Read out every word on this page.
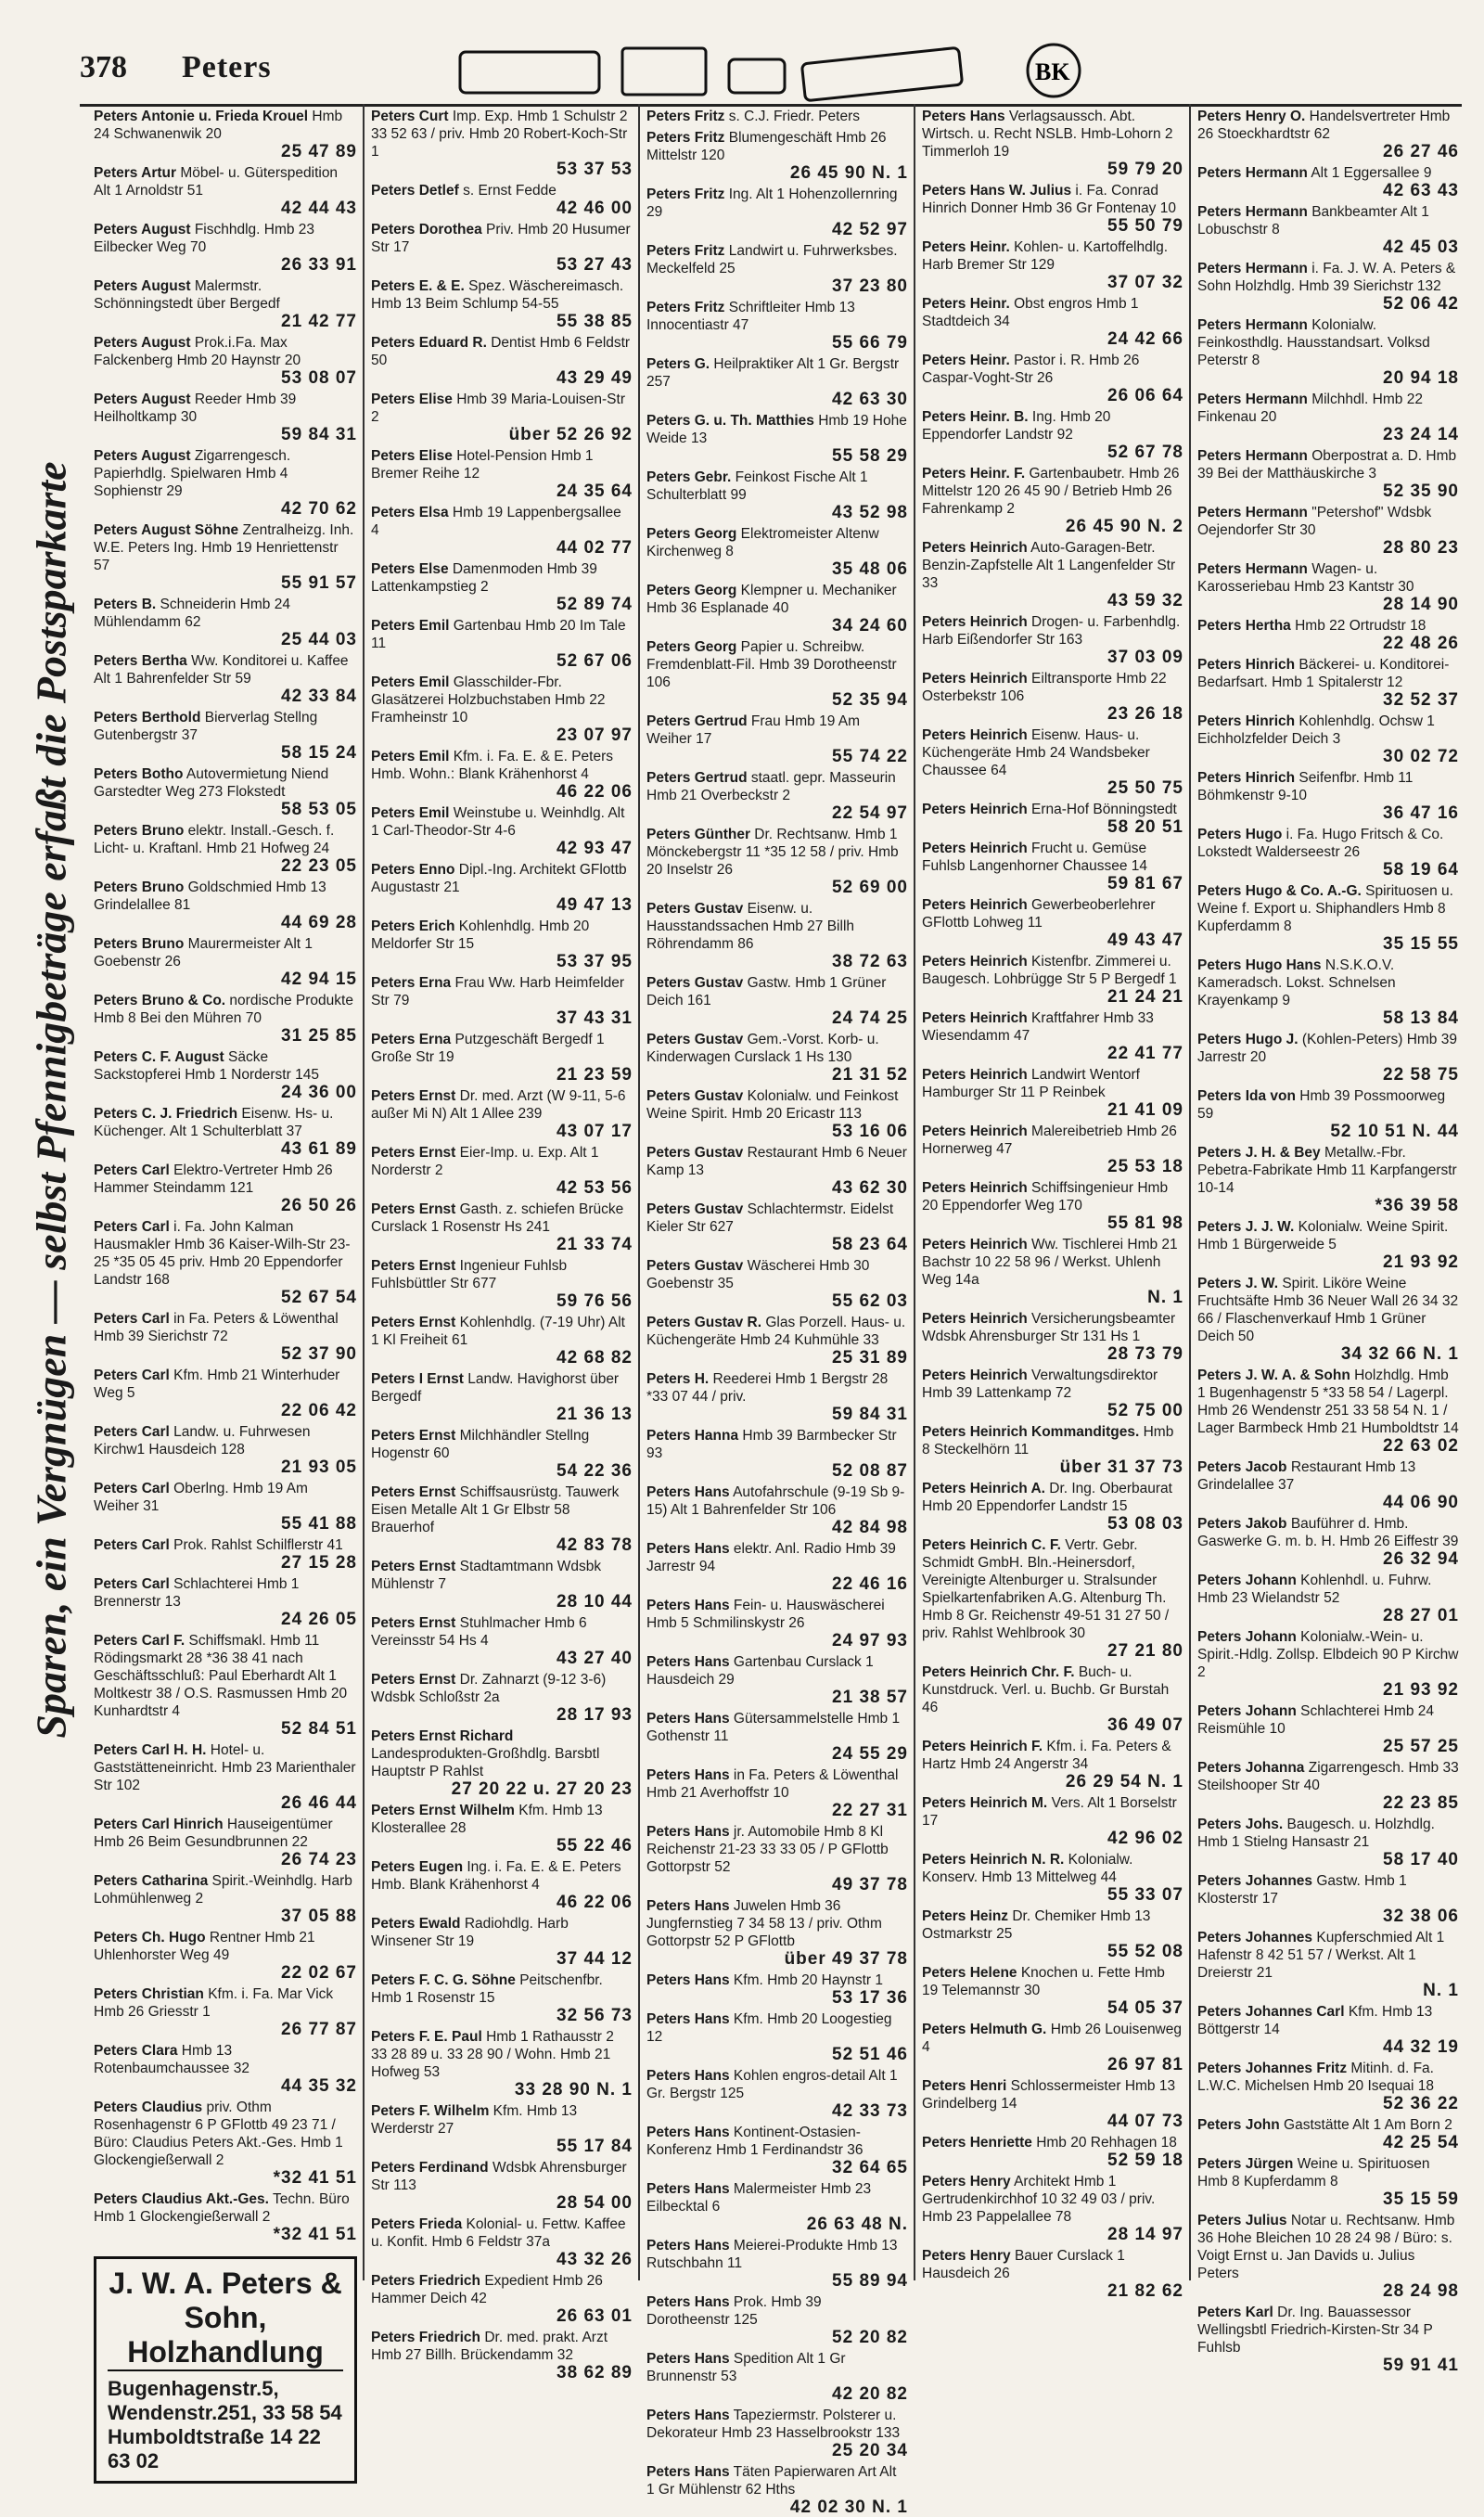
378 Peters	BK
Sparen, ein Vergnügen — selbst Pfennigbeträge erfaßt die Postsparkarte
Peters Antonie u. Frieda Krouel Hmb 24 Schwanenwik 20
25 47 89
Peters Artur Möbel- u. Güterspedition Alt 1 Arnoldstr 51
42 44 43
Peters August Fischhdlg. Hmb 23 Eilbecker Weg 70
26 33 91
Peters August Malermstr. Schönningstedt über Bergedf
21 42 77
Peters August Prok.i.Fa. Max Falckenberg Hmb 20 Haynstr 20
53 08 07
Peters August Reeder Hmb 39 Heilholtkamp 30
59 84 31
Peters August Zigarrengesch. Papierhdlg. Spielwaren Hmb 4 Sophienstr 29
42 70 62
Peters August Söhne Zentralheizg. Inh. W.E. Peters Ing. Hmb 19 Henriettenstr 57
55 91 57
Peters B. Schneiderin Hmb 24 Mühlendamm 62
25 44 03
Peters Bertha Ww. Konditorei u. Kaffee Alt 1 Bahrenfelder Str 59
42 33 84
Peters Berthold Bierverlag Stellng Gutenbergstr 37
58 15 24
Peters Botho Autovermietung Niend Garstedter Weg 273 Flokstedt
58 53 05
Peters Bruno elektr. Install.-Gesch. f. Licht- u. Kraftanl. Hmb 21 Hofweg 24
22 23 05
Peters Bruno Goldschmied Hmb 13 Grindelallee 81
44 69 28
Peters Bruno Maurermeister Alt 1 Goebenstr 26
42 94 15
Peters Bruno & Co. nordische Produkte Hmb 8 Bei den Mühren 70
31 25 85
Peters C. F. August Säcke Sackstopferei Hmb 1 Norderstr 145
24 36 00
Peters C. J. Friedrich Eisenw. Hs- u. Küchenger. Alt 1 Schulterblatt 37
43 61 89
Peters Carl Elektro-Vertreter Hmb 26 Hammer Steindamm 121
26 50 26
Peters Carl i. Fa. John Kalman Hausmakler Hmb 36 Kaiser-Wilh-Str 23-25 *35 05 45 priv. Hmb 20 Eppendorfer Landstr 168
52 67 54
Peters Carl in Fa. Peters & Löwenthal Hmb 39 Sierichstr 72
52 37 90
Peters Carl Kfm. Hmb 21 Winterhuder Weg 5
22 06 42
Peters Carl Landw. u. Fuhrwesen Kirchw1 Hausdeich 128
21 93 05
Peters Carl Oberlng. Hmb 19 Am Weiher 31
55 41 88
Peters Carl Prok. Rahlst Schilflerstr 41
27 15 28
Peters Carl Schlachterei Hmb 1 Brennerstr 13
24 26 05
Peters Carl F. Schiffsmakl. Hmb 11 Rödingsmarkt 28 *36 38 41 nach Geschäftsschluß: Paul Eberhardt Alt 1 Moltkestr 38 / O.S. Rasmussen Hmb 20 Kunhardtstr 4
52 84 51
Peters Carl H. H. Hotel- u. Gaststätteneinricht. Hmb 23 Marienthaler Str 102
26 46 44
Peters Carl Hinrich Hauseigentümer Hmb 26 Beim Gesundbrunnen 22
26 74 23
Peters Catharina Spirit.-Weinhdlg. Harb Lohmühlenweg 2
37 05 88
Peters Ch. Hugo Rentner Hmb 21 Uhlenhorster Weg 49
22 02 67
Peters Christian Kfm. i. Fa. Mar Vick Hmb 26 Griesstr 1
26 77 87
Peters Clara Hmb 13 Rotenbaumchaussee 32
44 35 32
Peters Claudius priv. Othm Rosenhagenstr 6 P GFlottb 49 23 71 / Büro: Claudius Peters Akt.-Ges. Hmb 1 Glockengießerwall 2
*32 41 51
Peters Claudius Akt.-Ges. Techn. Büro Hmb 1 Glockengießerwall 2
*32 41 51
J. W. A. Peters & Sohn, Holzhandlung
Bugenhagenstr.5, Wendenstr.251, 33 58 54
Humboldtstraße 14 22 63 02
Peters Curt Imp. Exp. Hmb 1 Schulstr 2 33 52 63 / priv. Hmb 20 Robert-Koch-Str 1
53 37 53
Peters Detlef s. Ernst Fedde
42 46 00
Peters Dorothea Priv. Hmb 20 Husumer Str 17
53 27 43
Peters E. & E. Spez. Wäschereimasch. Hmb 13 Beim Schlump 54-55
55 38 85
Peters Eduard R. Dentist Hmb 6 Feldstr 50
43 29 49
Peters Elise Hmb 39 Maria-Louisen-Str 2
über 52 26 92
Peters Elise Hotel-Pension Hmb 1 Bremer Reihe 12
24 35 64
Peters Elsa Hmb 19 Lappenbergsallee 4
44 02 77
Peters Else Damenmoden Hmb 39 Lattenkampstieg 2
52 89 74
Peters Emil Gartenbau Hmb 20 Im Tale 11
52 67 06
Peters Emil Glasschilder-Fbr. Glasätzerei Holzbuchstaben Hmb 22 Framheinstr 10
23 07 97
Peters Emil Kfm. i. Fa. E. & E. Peters Hmb. Wohn.: Blank Krähenhorst 4
46 22 06
Peters Emil Weinstube u. Weinhdlg. Alt 1 Carl-Theodor-Str 4-6
42 93 47
Peters Enno Dipl.-Ing. Architekt GFlottb Augustastr 21
49 47 13
Peters Erich Kohlenhdlg. Hmb 20 Meldorfer Str 15
53 37 95
Peters Erna Frau Ww. Harb Heimfelder Str 79
37 43 31
Peters Erna Putzgeschäft Bergedf 1 Große Str 19
21 23 59
Peters Ernst Dr. med. Arzt (W 9-11, 5-6 außer Mi N) Alt 1 Allee 239
43 07 17
Peters Ernst Eier-Imp. u. Exp. Alt 1 Norderstr 2
42 53 56
Peters Ernst Gasth. z. schiefen Brücke Curslack 1 Rosenstr Hs 241
21 33 74
Peters Ernst Ingenieur Fuhlsb Fuhlsbüttler Str 677
59 76 56
Peters Ernst Kohlenhdlg. (7-19 Uhr) Alt 1 Kl Freiheit 61
42 68 82
Peters I Ernst Landw. Havighorst über Bergedf
21 36 13
Peters Ernst Milchhändler Stellng Hogenstr 60
54 22 36
Peters Ernst Schiffsausrüstg. Tauwerk Eisen Metalle Alt 1 Gr Elbstr 58 Brauerhof
42 83 78
Peters Ernst Stadtamtmann Wdsbk Mühlenstr 7
28 10 44
Peters Ernst Stuhlmacher Hmb 6 Vereinsstr 54 Hs 4
43 27 40
Peters Ernst Dr. Zahnarzt (9-12 3-6) Wdsbk Schloßstr 2a
28 17 93
Peters Ernst Richard Landesprodukten-Großhdlg. Barsbtl Hauptstr P Rahlst
27 20 22 u. 27 20 23
Peters Ernst Wilhelm Kfm. Hmb 13 Klosterallee 28
55 22 46
Peters Eugen Ing. i. Fa. E. & E. Peters Hmb. Blank Krähenhorst 4
46 22 06
Peters Ewald Radiohdlg. Harb Winsener Str 19
37 44 12
Peters F. C. G. Söhne Peitschenfbr. Hmb 1 Rosenstr 15
32 56 73
Peters F. E. Paul Hmb 1 Rathausstr 2 33 28 89 u. 33 28 90 / Wohn. Hmb 21 Hofweg 53
33 28 90 N. 1
Peters F. Wilhelm Kfm. Hmb 13 Werderstr 27
55 17 84
Peters Ferdinand Wdsbk Ahrensburger Str 113
28 54 00
Peters Frieda Kolonial- u. Fettw. Kaffee u. Konfit. Hmb 6 Feldstr 37a
43 32 26
Peters Friedrich Expedient Hmb 26 Hammer Deich 42
26 63 01
Peters Friedrich Dr. med. prakt. Arzt Hmb 27 Billh. Brückendamm 32
38 62 89
Peters Fritz s. C.J. Friedr. Peters
Peters Fritz Blumengeschäft Hmb 26 Mittelstr 120
26 45 90 N. 1
Peters Fritz Ing. Alt 1 Hohenzollernring 29
42 52 97
Peters Fritz Landwirt u. Fuhrwerksbes. Meckelfeld 25
37 23 80
Peters Fritz Schriftleiter Hmb 13 Innocentiastr 47
55 66 79
Peters G. Heilpraktiker Alt 1 Gr. Bergstr 257
42 63 30
Peters G. u. Th. Matthies Hmb 19 Hohe Weide 13
55 58 29
Peters Gebr. Feinkost Fische Alt 1 Schulterblatt 99
43 52 98
Peters Georg Elektromeister Altenw Kirchenweg 8
35 48 06
Peters Georg Klempner u. Mechaniker Hmb 36 Esplanade 40
34 24 60
Peters Georg Papier u. Schreibw. Fremdenblatt-Fil. Hmb 39 Dorotheenstr 106
52 35 94
Peters Gertrud Frau Hmb 19 Am Weiher 17
55 74 22
Peters Gertrud staatl. gepr. Masseurin Hmb 21 Overbeckstr 2
22 54 97
Peters Günther Dr. Rechtsanw. Hmb 1 Mönckebergstr 11 *35 12 58 / priv. Hmb 20 Inselstr 26
52 69 00
Peters Gustav Eisenw. u. Hausstandssachen Hmb 27 Billh Röhrendamm 86
38 72 63
Peters Gustav Gastw. Hmb 1 Grüner Deich 161
24 74 25
Peters Gustav Gem.-Vorst. Korb- u. Kinderwagen Curslack 1 Hs 130
21 31 52
Peters Gustav Kolonialw. und Feinkost Weine Spirit. Hmb 20 Ericastr 113
53 16 06
Peters Gustav Restaurant Hmb 6 Neuer Kamp 13
43 62 30
Peters Gustav Schlachtermstr. Eidelst Kieler Str 627
58 23 64
Peters Gustav Wäscherei Hmb 30 Goebenstr 35
55 62 03
Peters Gustav R. Glas Porzell. Haus- u. Küchengeräte Hmb 24 Kuhmühle 33
25 31 89
Peters H. Reederei Hmb 1 Bergstr 28 *33 07 44 / priv.
59 84 31
Peters Hanna Hmb 39 Barmbecker Str 93
52 08 87
Peters Hans Autofahrschule (9-19 Sb 9-15) Alt 1 Bahrenfelder Str 106
42 84 98
Peters Hans elektr. Anl. Radio Hmb 39 Jarrestr 94
22 46 16
Peters Hans Fein- u. Hauswäscherei Hmb 5 Schmilinskystr 26
24 97 93
Peters Hans Gartenbau Curslack 1 Hausdeich 29
21 38 57
Peters Hans Gütersammelstelle Hmb 1 Gothenstr 11
24 55 29
Peters Hans in Fa. Peters & Löwenthal Hmb 21 Averhoffstr 10
22 27 31
Peters Hans jr. Automobile Hmb 8 Kl Reichenstr 21-23 33 33 05 / P GFlottb Gottorpstr 52
49 37 78
Peters Hans Juwelen Hmb 36 Jungfernstieg 7 34 58 13 / priv. Othm Gottorpstr 52 P GFlottb
über 49 37 78
Peters Hans Kfm. Hmb 20 Haynstr 1
53 17 36
Peters Hans Kfm. Hmb 20 Loogestieg 12
52 51 46
Peters Hans Kohlen engros-detail Alt 1 Gr. Bergstr 125
42 33 73
Peters Hans Kontinent-Ostasien-Konferenz Hmb 1 Ferdinandstr 36
32 64 65
Peters Hans Malermeister Hmb 23 Eilbecktal 6
26 63 48 N.
Peters Hans Meierei-Produkte Hmb 13 Rutschbahn 11
55 89 94
Peters Hans Prok. Hmb 39 Dorotheenstr 125
52 20 82
Peters Hans Spedition Alt 1 Gr Brunnenstr 53
42 20 82
Peters Hans Tapeziermstr. Polsterer u. Dekorateur Hmb 23 Hasselbrookstr 133
25 20 34
Peters Hans Täten Papierwaren Art Alt 1 Gr Mühlenstr 62 Hths
42 02 30 N. 1
Peters Hans Verlagsaussch. Abt. Wirtsch. u. Recht NSLB. Hmb-Lohorn 2 Timmerloh 19
59 79 20
Peters Hans W. Julius i. Fa. Conrad Hinrich Donner Hmb 36 Gr Fontenay 10
55 50 79
Peters Heinr. Kohlen- u. Kartoffelhdlg. Harb Bremer Str 129
37 07 32
Peters Heinr. Obst engros Hmb 1 Stadtdeich 34
24 42 66
Peters Heinr. Pastor i. R. Hmb 26 Caspar-Voght-Str 26
26 06 64
Peters Heinr. B. Ing. Hmb 20 Eppendorfer Landstr 92
52 67 78
Peters Heinr. F. Gartenbaubetr. Hmb 26 Mittelstr 120 26 45 90 / Betrieb Hmb 26 Fahrenkamp 2
26 45 90 N. 2
Peters Heinrich Auto-Garagen-Betr. Benzin-Zapfstelle Alt 1 Langenfelder Str 33
43 59 32
Peters Heinrich Drogen- u. Farbenhdlg. Harb Eißendorfer Str 163
37 03 09
Peters Heinrich Eiltransporte Hmb 22 Osterbekstr 106
23 26 18
Peters Heinrich Eisenw. Haus- u. Küchengeräte Hmb 24 Wandsbeker Chaussee 64
25 50 75
Peters Heinrich Erna-Hof Bönningstedt
58 20 51
Peters Heinrich Frucht u. Gemüse Fuhlsb Langenhorner Chaussee 14
59 81 67
Peters Heinrich Gewerbeoberlehrer GFlottb Lohweg 11
49 43 47
Peters Heinrich Kistenfbr. Zimmerei u. Baugesch. Lohbrügge Str 5 P Bergedf 1
21 24 21
Peters Heinrich Kraftfahrer Hmb 33 Wiesendamm 47
22 41 77
Peters Heinrich Landwirt Wentorf Hamburger Str 11 P Reinbek
21 41 09
Peters Heinrich Malereibetrieb Hmb 26 Hornerweg 47
25 53 18
Peters Heinrich Schiffsingenieur Hmb 20 Eppendorfer Weg 170
55 81 98
Peters Heinrich Ww. Tischlerei Hmb 21 Bachstr 10 22 58 96 / Werkst. Uhlenh Weg 14a
N. 1
Peters Heinrich Versicherungsbeamter Wdsbk Ahrensburger Str 131 Hs 1
28 73 79
Peters Heinrich Verwaltungsdirektor Hmb 39 Lattenkamp 72
52 75 00
Peters Heinrich Kommanditges. Hmb 8 Steckelhörn 11
über 31 37 73
Peters Heinrich A. Dr. Ing. Oberbaurat Hmb 20 Eppendorfer Landstr 15
53 08 03
Peters Heinrich C. F. Vertr. Gebr. Schmidt GmbH. Bln.-Heinersdorf, Vereinigte Altenburger u. Stralsunder Spielkartenfabriken A.G. Altenburg Th. Hmb 8 Gr. Reichenstr 49-51 31 27 50 / priv. Rahlst Wehlbrook 30
27 21 80
Peters Heinrich Chr. F. Buch- u. Kunstdruck. Verl. u. Buchb. Gr Burstah 46
36 49 07
Peters Heinrich F. Kfm. i. Fa. Peters & Hartz Hmb 24 Angerstr 34
26 29 54 N. 1
Peters Heinrich M. Vers. Alt 1 Borselstr 17
42 96 02
Peters Heinrich N. R. Kolonialw. Konserv. Hmb 13 Mittelweg 44
55 33 07
Peters Heinz Dr. Chemiker Hmb 13 Ostmarkstr 25
55 52 08
Peters Helene Knochen u. Fette Hmb 19 Telemannstr 30
54 05 37
Peters Helmuth G. Hmb 26 Louisenweg 4
26 97 81
Peters Henri Schlossermeister Hmb 13 Grindelberg 14
44 07 73
Peters Henriette Hmb 20 Rehhagen 18
52 59 18
Peters Henry Architekt Hmb 1 Gertrudenkirchhof 10 32 49 03 / priv. Hmb 23 Pappelallee 78
28 14 97
Peters Henry Bauer Curslack 1 Hausdeich 26
21 82 62
Peters Henry O. Handelsvertreter Hmb 26 Stoeckhardtstr 62
26 27 46
Peters Hermann Alt 1 Eggersallee 9
42 63 43
Peters Hermann Bankbeamter Alt 1 Lobuschstr 8
42 45 03
Peters Hermann i. Fa. J. W. A. Peters & Sohn Holzhdlg. Hmb 39 Sierichstr 132
52 06 42
Peters Hermann Kolonialw. Feinkosthdlg. Hausstandsart. Volksd Peterstr 8
20 94 18
Peters Hermann Milchhdl. Hmb 22 Finkenau 20
23 24 14
Peters Hermann Oberpostrat a. D. Hmb 39 Bei der Matthäuskirche 3
52 35 90
Peters Hermann "Petershof" Wdsbk Oejendorfer Str 30
28 80 23
Peters Hermann Wagen- u. Karosseriebau Hmb 23 Kantstr 30
28 14 90
Peters Hertha Hmb 22 Ortrudstr 18
22 48 26
Peters Hinrich Bäckerei- u. Konditorei-Bedarfsart. Hmb 1 Spitalerstr 12
32 52 37
Peters Hinrich Kohlenhdlg. Ochsw 1 Eichholzfelder Deich 3
30 02 72
Peters Hinrich Seifenfbr. Hmb 11 Böhmkenstr 9-10
36 47 16
Peters Hugo i. Fa. Hugo Fritsch & Co. Lokstedt Walderseestr 26
58 19 64
Peters Hugo & Co. A.-G. Spirituosen u. Weine f. Export u. Shiphandlers Hmb 8 Kupferdamm 8
35 15 55
Peters Hugo Hans N.S.K.O.V. Kameradsch. Lokst. Schnelsen Krayenkamp 9
58 13 84
Peters Hugo J. (Kohlen-Peters) Hmb 39 Jarrestr 20
22 58 75
Peters Ida von Hmb 39 Possmoorweg 59
52 10 51 N. 44
Peters J. H. & Bey Metallw.-Fbr. Pebetra-Fabrikate Hmb 11 Karpfangerstr 10-14
*36 39 58
Peters J. J. W. Kolonialw. Weine Spirit. Hmb 1 Bürgerweide 5
21 93 92
Peters J. W. Spirit. Liköre Weine Fruchtsäfte Hmb 36 Neuer Wall 26 34 32 66 / Flaschenverkauf Hmb 1 Grüner Deich 50
34 32 66 N. 1
Peters J. W. A. & Sohn Holzhdlg. Hmb 1 Bugenhagenstr 5 *33 58 54 / Lagerpl. Hmb 26 Wendenstr 251 33 58 54 N. 1 / Lager Barmbeck Hmb 21 Humboldtstr 14
22 63 02
Peters Jacob Restaurant Hmb 13 Grindelallee 37
44 06 90
Peters Jakob Bauführer d. Hmb. Gaswerke G. m. b. H. Hmb 26 Eiffestr 39
26 32 94
Peters Johann Kohlenhdl. u. Fuhrw. Hmb 23 Wielandstr 52
28 27 01
Peters Johann Kolonialw.-Wein- u. Spirit.-Hdlg. Zollsp. Elbdeich 90 P Kirchw 2
21 93 92
Peters Johann Schlachterei Hmb 24 Reismühle 10
25 57 25
Peters Johanna Zigarrengesch. Hmb 33 Steilshooper Str 40
22 23 85
Peters Johs. Baugesch. u. Holzhdlg. Hmb 1 Stielng Hansastr 21
58 17 40
Peters Johannes Gastw. Hmb 1 Klosterstr 17
32 38 06
Peters Johannes Kupferschmied Alt 1 Hafenstr 8 42 51 57 / Werkst. Alt 1 Dreierstr 21
N. 1
Peters Johannes Carl Kfm. Hmb 13 Böttgerstr 14
44 32 19
Peters Johannes Fritz Mitinh. d. Fa. L.W.C. Michelsen Hmb 20 Isequai 18
52 36 22
Peters John Gaststätte Alt 1 Am Born 2
42 25 54
Peters Jürgen Weine u. Spirituosen Hmb 8 Kupferdamm 8
35 15 59
Peters Julius Notar u. Rechtsanw. Hmb 36 Hohe Bleichen 10 28 24 98 / Büro: s. Voigt Ernst u. Jan Davids u. Julius Peters
28 24 98
Peters Karl Dr. Ing. Bauassessor Wellingsbtl Friedrich-Kirsten-Str 34 P Fuhlsb
59 91 41
